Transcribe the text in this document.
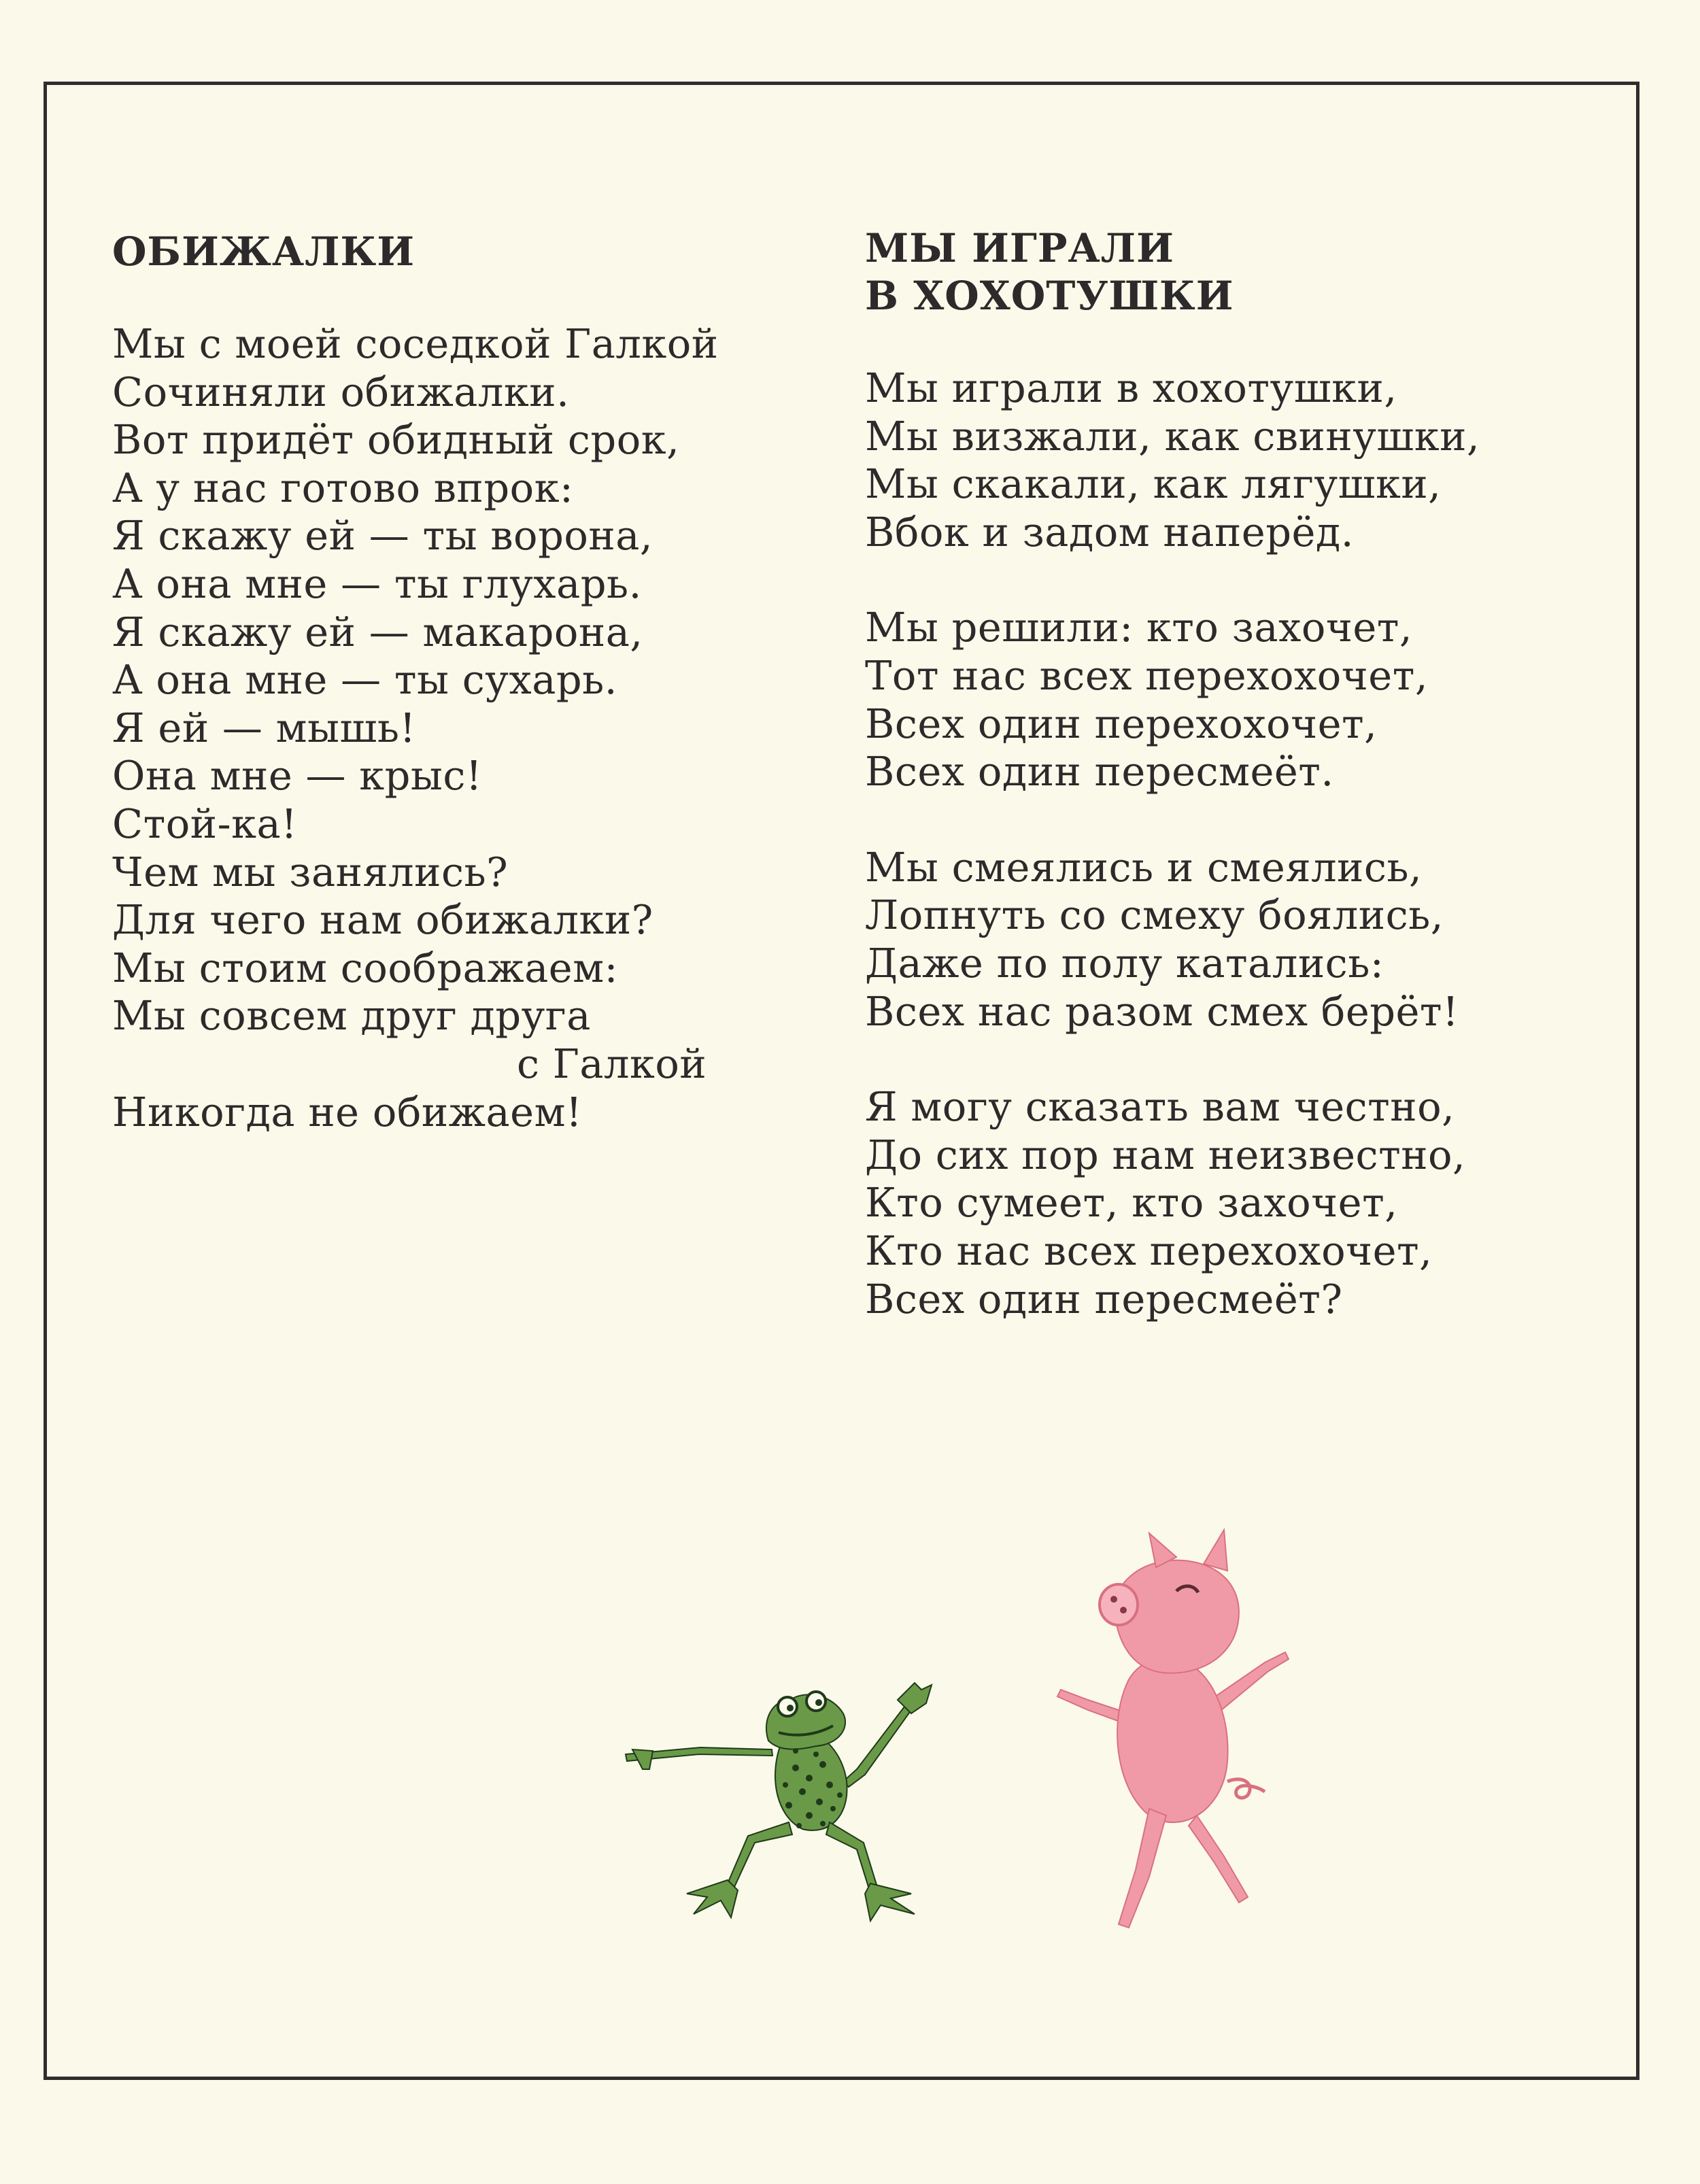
ОБИЖАЛКИ
Мы с моей соседкой Галкой
Сочиняли обижалки.
Вот придёт обидный срок,
А у нас готово впрок:
Я скажу ей — ты ворона,
А она мне — ты глухарь.
Я скажу ей — макарона,
А она мне — ты сухарь.
Я ей — мышь!
Она мне — крыс!
Стой-ка!
Чем мы занялись?
Для чего нам обижалки?
Мы стоим соображаем:
Мы совсем друг друга
с Галкой
Никогда не обижаем!
МЫ ИГРАЛИ
В ХОХОТУШКИ
Мы играли в хохотушки,
Мы визжали, как свинушки,
Мы скакали, как лягушки,
Вбок и задом наперёд.
Мы решили: кто захочет,
Тот нас всех перехохочет,
Всех один перехохочет,
Всех один пересмеёт.
Мы смеялись и смеялись,
Лопнуть со смеху боялись,
Даже по полу катались:
Всех нас разом смех берёт!
Я могу сказать вам честно,
До сих пор нам неизвестно,
Кто сумеет, кто захочет,
Кто нас всех перехохочет,
Всех один пересмеёт?
